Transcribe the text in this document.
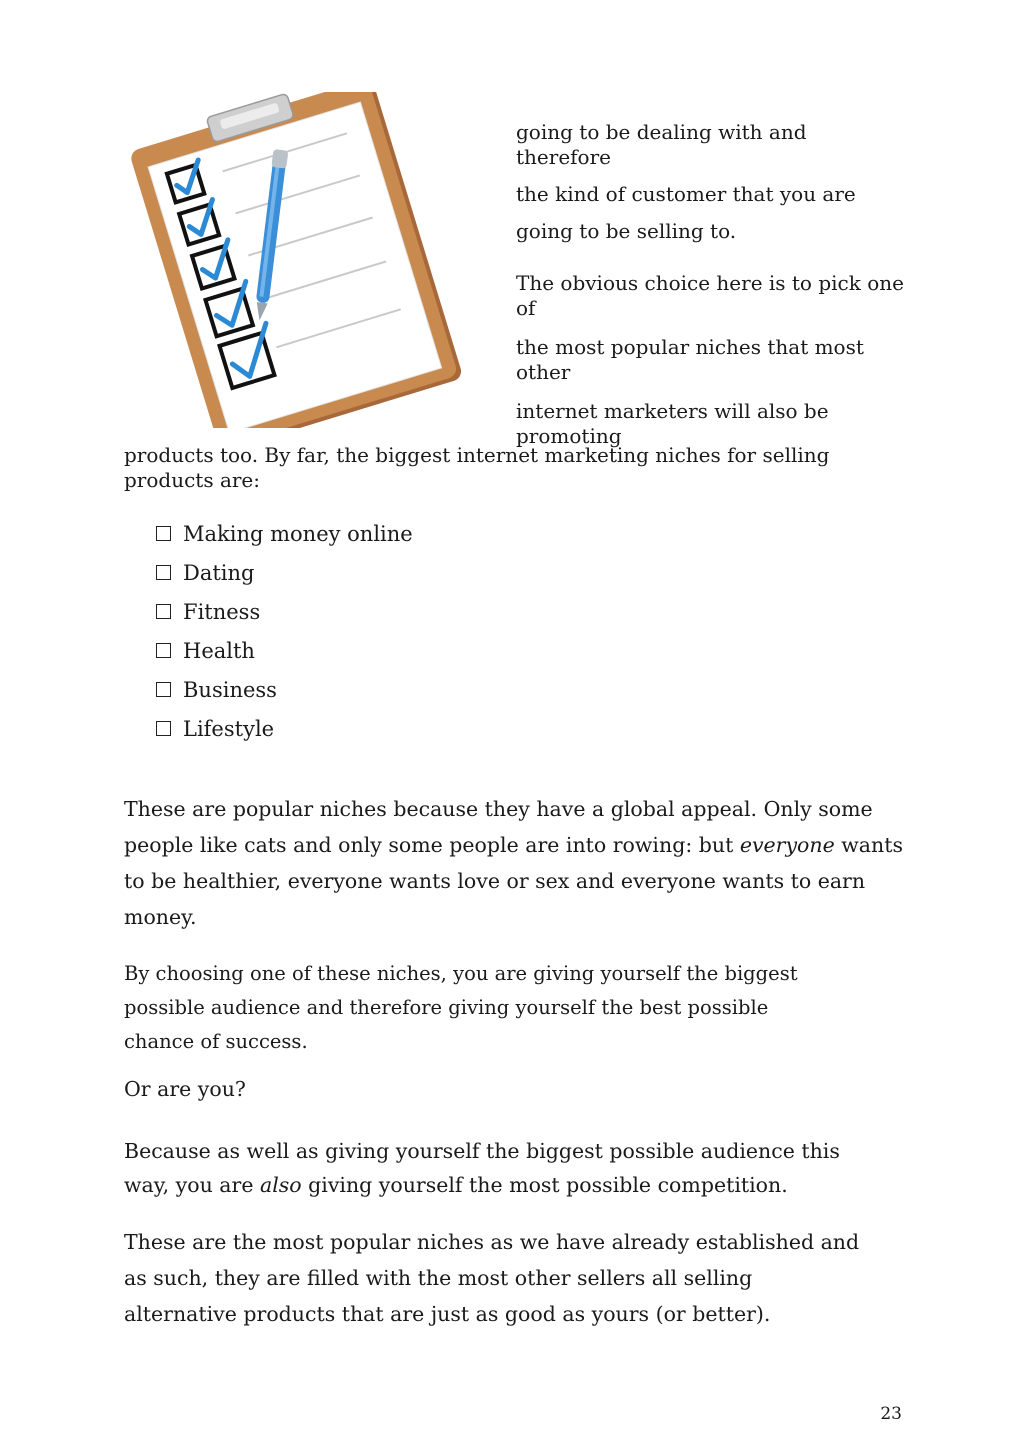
going to be dealing with and therefore

the kind of customer that you are

going to be selling to.

The obvious choice here is to pick one of

the most popular niches that most other

internet marketers will also be promoting

products too. By far, the biggest internet marketing niches for selling products are:

Making money online
Dating
Fitness
Health
Business
Lifestyle

These are popular niches because they have a global appeal. Only some people like cats and only some people are into rowing: but everyone wants to be healthier, everyone wants love or sex and everyone wants to earn money.

By choosing one of these niches, you are giving yourself the biggest possible audience and therefore giving yourself the best possible chance of success.

Or are you?

Because as well as giving yourself the biggest possible audience this way, you are also giving yourself the most possible competition.

These are the most popular niches as we have already established and as such, they are filled with the most other sellers all selling alternative products that are just as good as yours (or better).

23
